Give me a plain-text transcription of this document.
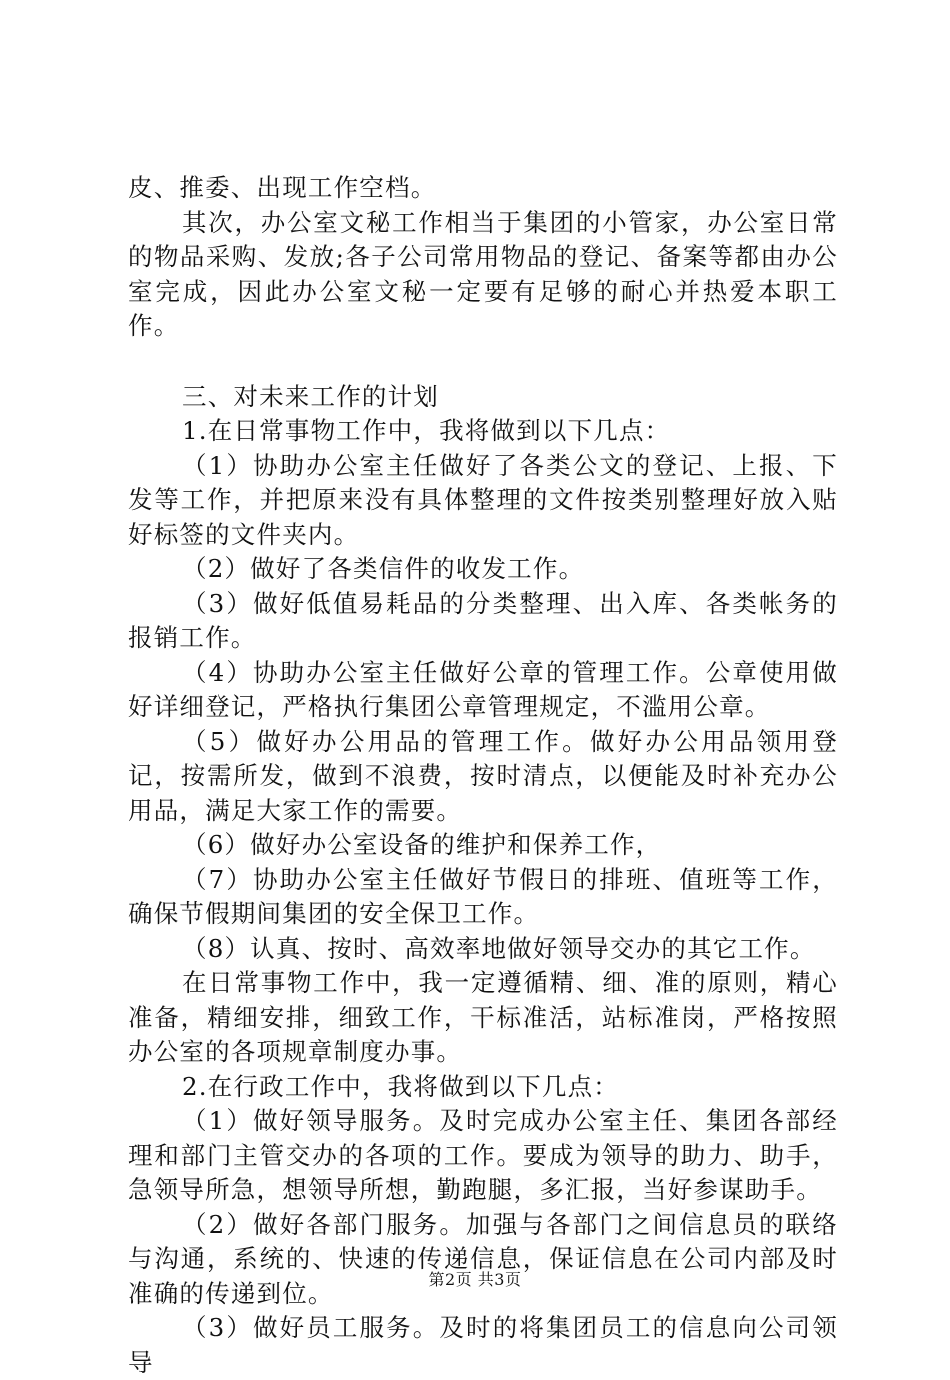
皮、推委、出现工作空档。

其次，办公室文秘工作相当于集团的小管家，办公室日常的物品采购、发放;各子公司常用物品的登记、备案等都由办公室完成，因此办公室文秘一定要有足够的耐心并热爱本职工作。

三、对未来工作的计划

1.在日常事物工作中，我将做到以下几点：

（1）协助办公室主任做好了各类公文的登记、上报、下发等工作，并把原来没有具体整理的文件按类别整理好放入贴好标签的文件夹内。

（2）做好了各类信件的收发工作。

（3）做好低值易耗品的分类整理、出入库、各类帐务的报销工作。

（4）协助办公室主任做好公章的管理工作。公章使用做好详细登记，严格执行集团公章管理规定，不滥用公章。

（5）做好办公用品的管理工作。做好办公用品领用登记，按需所发，做到不浪费，按时清点，以便能及时补充办公用品，满足大家工作的需要。

（6）做好办公室设备的维护和保养工作，

（7）协助办公室主任做好节假日的排班、值班等工作，确保节假期间集团的安全保卫工作。

（8）认真、按时、高效率地做好领导交办的其它工作。

在日常事物工作中，我一定遵循精、细、准的原则，精心准备，精细安排，细致工作，干标准活，站标准岗，严格按照办公室的各项规章制度办事。

2.在行政工作中，我将做到以下几点：

（1）做好领导服务。及时完成办公室主任、集团各部经理和部门主管交办的各项的工作。要成为领导的助力、助手，急领导所急，想领导所想，勤跑腿，多汇报，当好参谋助手。

（2）做好各部门服务。加强与各部门之间信息员的联络与沟通，系统的、快速的传递信息，保证信息在公司内部及时准确的传递到位。

（3）做好员工服务。及时的将集团员工的信息向公司领导

第2页 共3页
